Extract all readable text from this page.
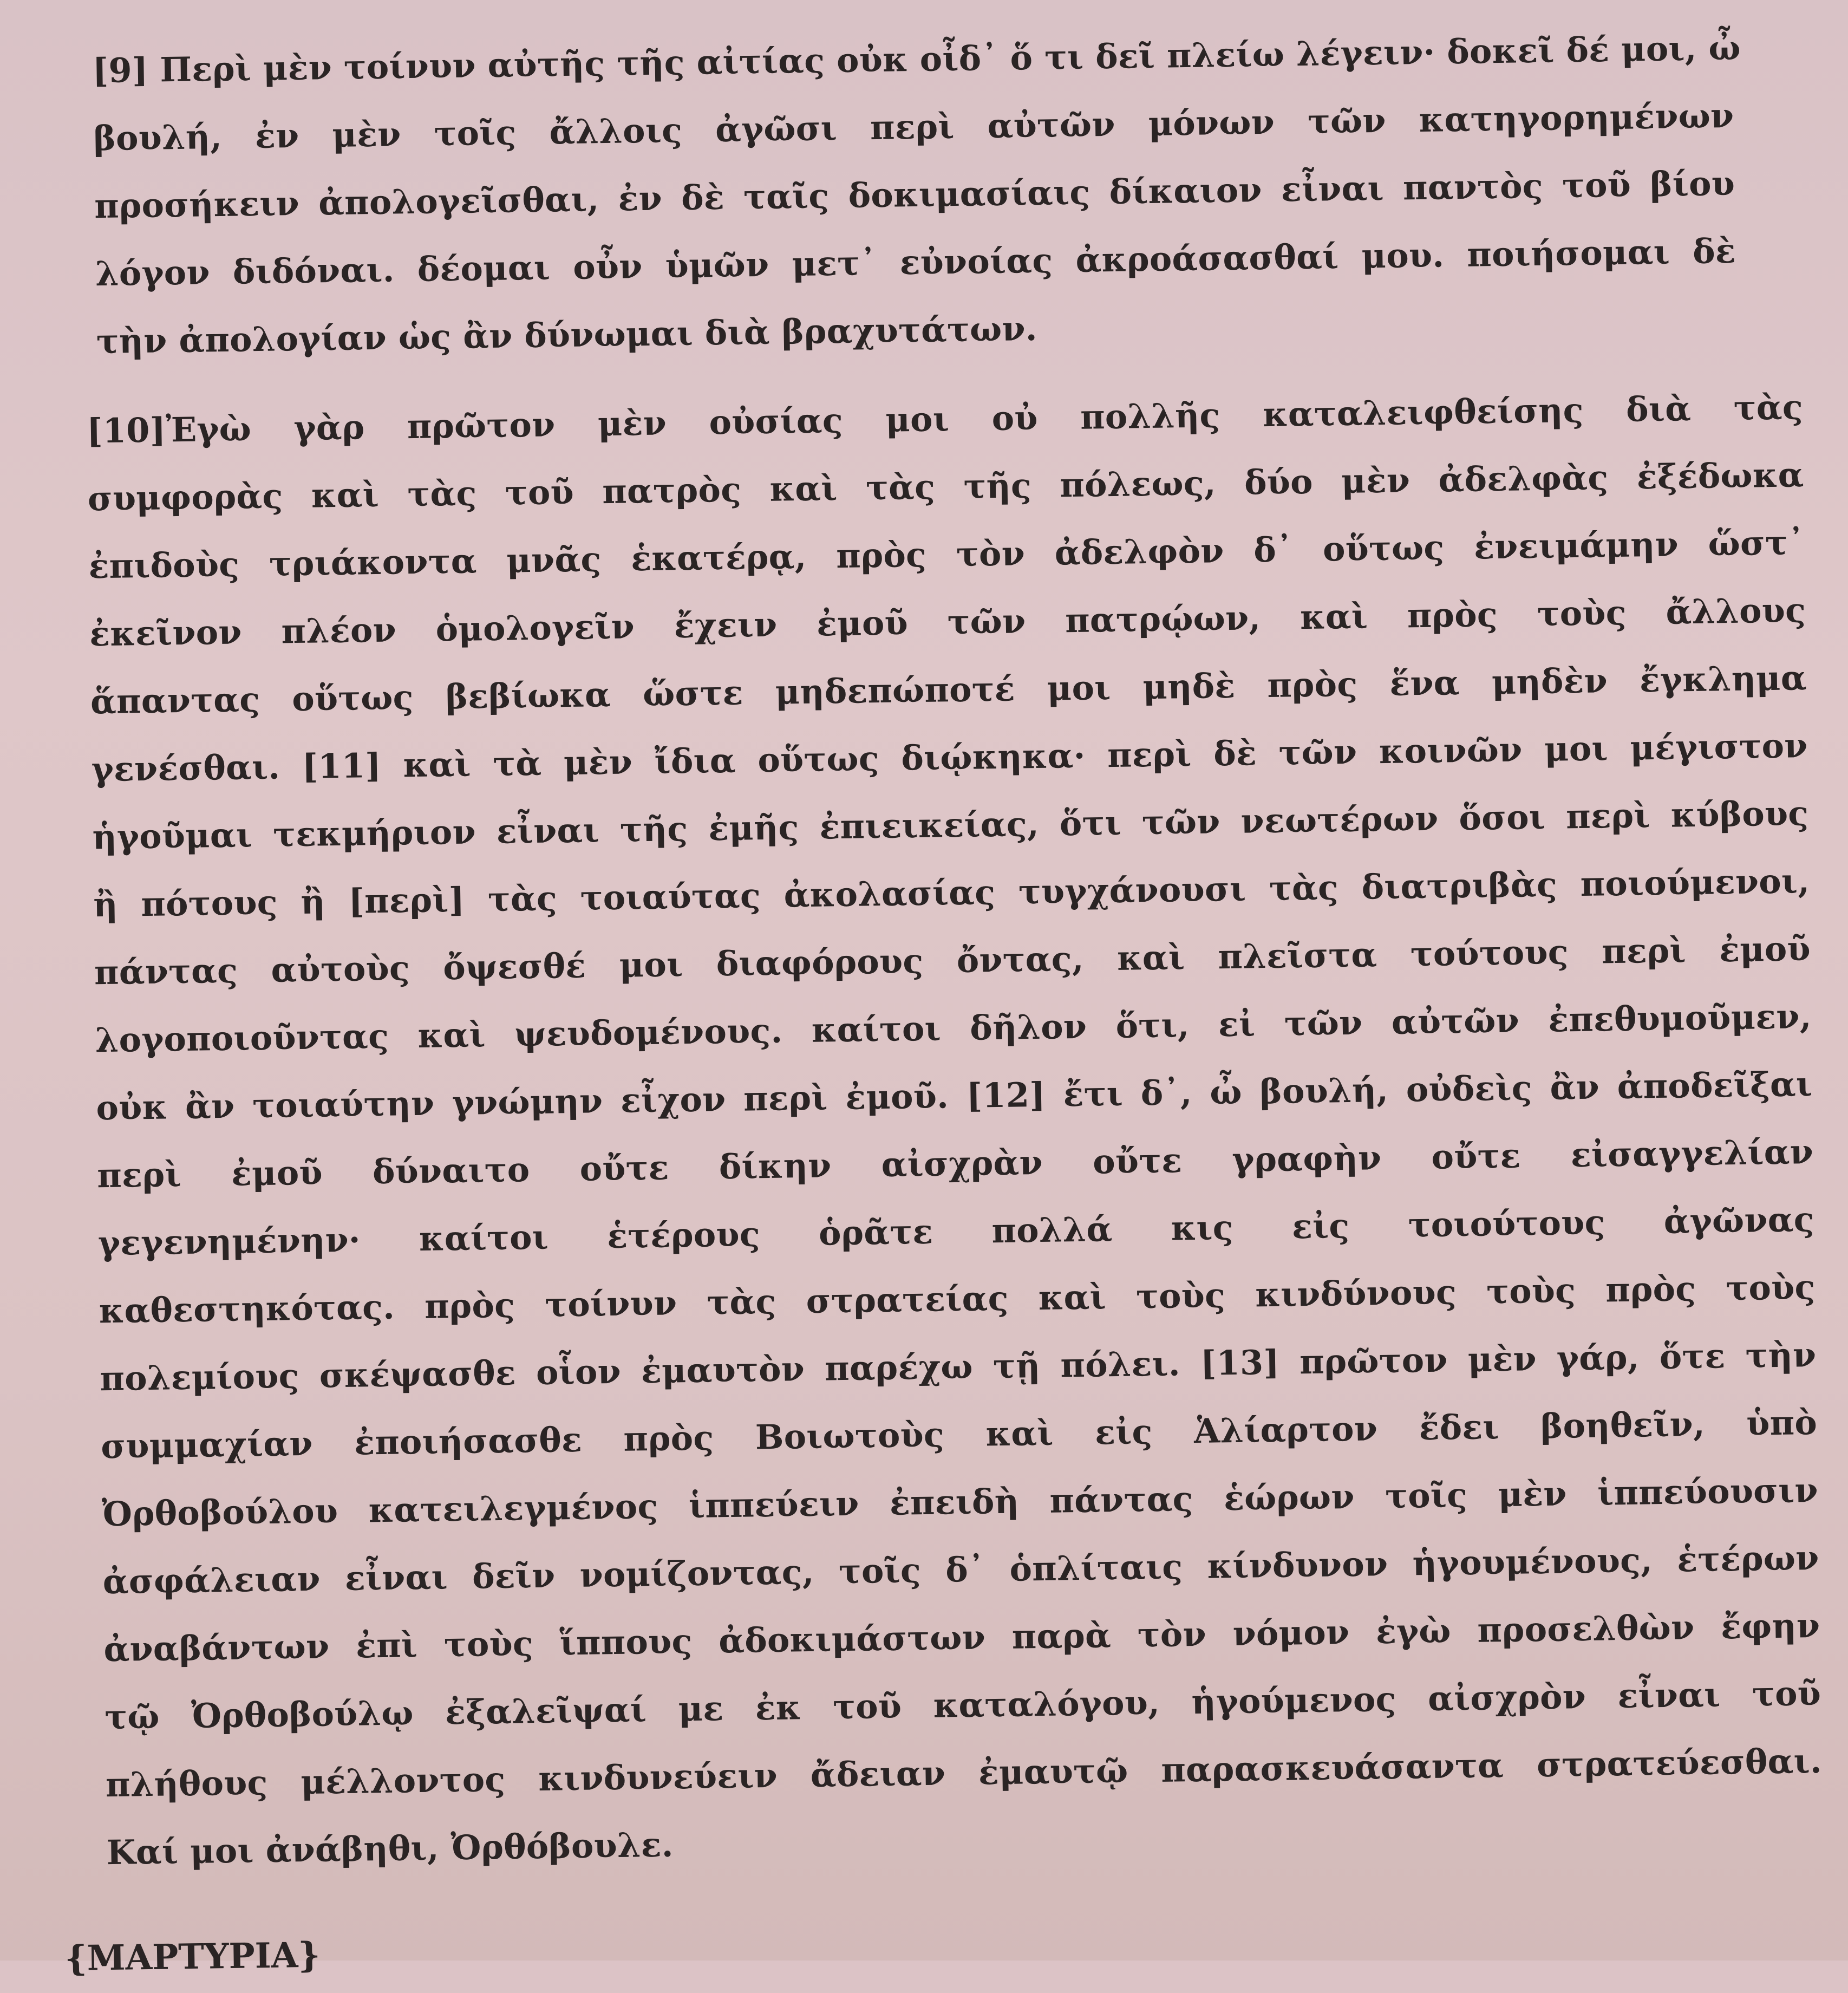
[9] Περὶ μὲν τοίνυν αὐτῆς τῆς αἰτίας οὐκ οἶδ᾽ ὅ τι δεῖ πλείω λέγειν· δοκεῖ δέ μοι, ὦ
βουλή, ἐν μὲν τοῖς ἄλλοις ἀγῶσι περὶ αὐτῶν μόνων τῶν κατηγορημένων
προσήκειν ἀπολογεῖσθαι, ἐν δὲ ταῖς δοκιμασίαις δίκαιον εἶναι παντὸς τοῦ βίου
λόγον διδόναι. δέομαι οὖν ὑμῶν μετ᾽ εὐνοίας ἀκροάσασθαί μου. ποιήσομαι δὲ
τὴν ἀπολογίαν ὡς ἂν δύνωμαι διὰ βραχυτάτων.

[10]Ἐγὼ γὰρ πρῶτον μὲν οὐσίας μοι οὐ πολλῆς καταλειφθείσης διὰ τὰς
συμφορὰς καὶ τὰς τοῦ πατρὸς καὶ τὰς τῆς πόλεως, δύο μὲν ἀδελφὰς ἐξέδωκα
ἐπιδοὺς τριάκοντα μνᾶς ἑκατέρᾳ, πρὸς τὸν ἀδελφὸν δ᾽ οὕτως ἐνειμάμην ὥστ᾽
ἐκεῖνον πλέον ὁμολογεῖν ἔχειν ἐμοῦ τῶν πατρῴων, καὶ πρὸς τοὺς ἄλλους
ἅπαντας οὕτως βεβίωκα ὥστε μηδεπώποτέ μοι μηδὲ πρὸς ἕνα μηδὲν ἔγκλημα
γενέσθαι. [11] καὶ τὰ μὲν ἴδια οὕτως διῴκηκα· περὶ δὲ τῶν κοινῶν μοι μέγιστον
ἡγοῦμαι τεκμήριον εἶναι τῆς ἐμῆς ἐπιεικείας, ὅτι τῶν νεωτέρων ὅσοι περὶ κύβους
ἢ πότους ἢ [περὶ] τὰς τοιαύτας ἀκολασίας τυγχάνουσι τὰς διατριβὰς ποιούμενοι,
πάντας αὐτοὺς ὄψεσθέ μοι διαφόρους ὄντας, καὶ πλεῖστα τούτους περὶ ἐμοῦ
λογοποιοῦντας καὶ ψευδομένους. καίτοι δῆλον ὅτι, εἰ τῶν αὐτῶν ἐπεθυμοῦμεν,
οὐκ ἂν τοιαύτην γνώμην εἶχον περὶ ἐμοῦ. [12] ἔτι δ᾽, ὦ βουλή, οὐδεὶς ἂν ἀποδεῖξαι
περὶ ἐμοῦ δύναιτο οὔτε δίκην αἰσχρὰν οὔτε γραφὴν οὔτε εἰσαγγελίαν
γεγενημένην· καίτοι ἑτέρους ὁρᾶτε πολλά κις εἰς τοιούτους ἀγῶνας
καθεστηκότας. πρὸς τοίνυν τὰς στρατείας καὶ τοὺς κινδύνους τοὺς πρὸς τοὺς
πολεμίους σκέψασθε οἷον ἐμαυτὸν παρέχω τῇ πόλει. [13] πρῶτον μὲν γάρ, ὅτε τὴν
συμμαχίαν ἐποιήσασθε πρὸς Βοιωτοὺς καὶ εἰς Ἁλίαρτον ἔδει βοηθεῖν, ὑπὸ
Ὀρθοβούλου κατειλεγμένος ἱππεύειν ἐπειδὴ πάντας ἑώρων τοῖς μὲν ἱππεύουσιν
ἀσφάλειαν εἶναι δεῖν νομίζοντας, τοῖς δ᾽ ὁπλίταις κίνδυνον ἡγουμένους, ἑτέρων
ἀναβάντων ἐπὶ τοὺς ἵππους ἀδοκιμάστων παρὰ τὸν νόμον ἐγὼ προσελθὼν ἔφην
τῷ Ὀρθοβούλῳ ἐξαλεῖψαί με ἐκ τοῦ καταλόγου, ἡγούμενος αἰσχρὸν εἶναι τοῦ
πλήθους μέλλοντος κινδυνεύειν ἄδειαν ἐμαυτῷ παρασκευάσαντα στρατεύεσθαι.
Καί μοι ἀνάβηθι, Ὀρθόβουλε.

{ΜΑΡΤΥΡΙΑ}
